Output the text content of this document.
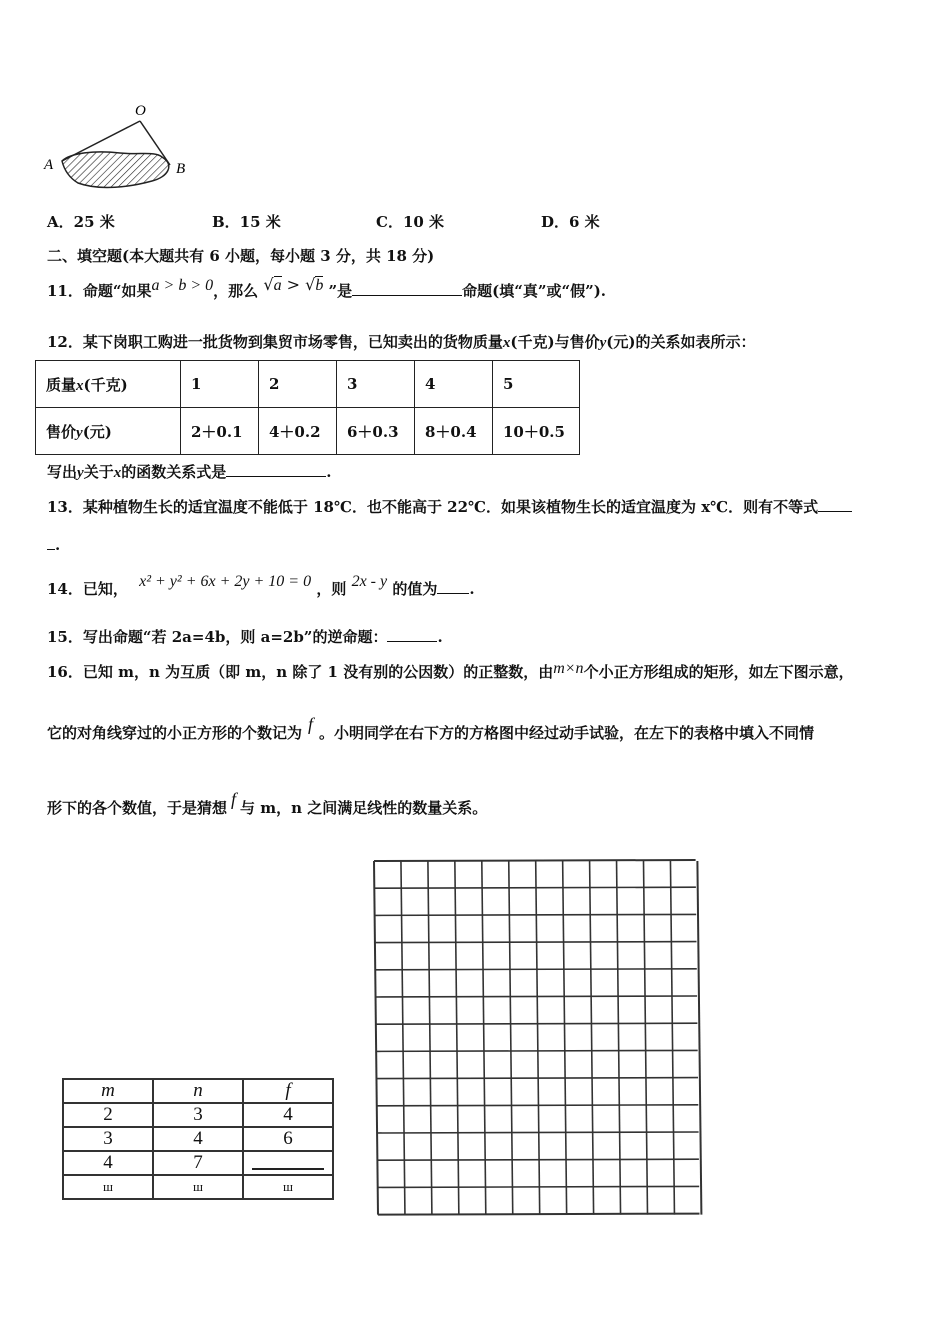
O
A	B
A．25 米	B．15 米	C．10 米	D．6 米
二、填空题(本大题共有 6 小题，每小题 3 分，共 18 分)
11．命题“如果a > b > 0，那么 √a > √b ”是	命题(填“真”或“假”).
12．某下岗职工购进一批货物到集贸市场零售，已知卖出的货物质量x(千克)与售价y(元)的关系如表所示：
质量x(千克)	1	2	3	4	5
售价y(元)	2＋0.1	4＋0.2	6＋0.3	8＋0.4	10＋0.5
写出y关于x的函数关系式是	.
13．某种植物生长的适宜温度不能低于 18℃．也不能高于 22℃．如果该植物生长的适宜温度为 x℃．则有不等式
.
14．已知， x² + y² + 6x + 2y + 10 = 0 ，则 2x - y 的值为 .
15．写出命题“若 2a=4b，则 a=2b”的逆命题：	.
16．已知 m，n 为互质（即 m，n 除了 1 没有别的公因数）的正整数，由m×n个小正方形组成的矩形，如左下图示意，
它的对角线穿过的小正方形的个数记为 f 。小明同学在右下方的方格图中经过动手试验，在左下的表格中填入不同情
形下的各个数值，于是猜想 f 与 m，n 之间满足线性的数量关系。
m	n	f
2	3	4
3	4	6
4	7	

ш	ш	ш
